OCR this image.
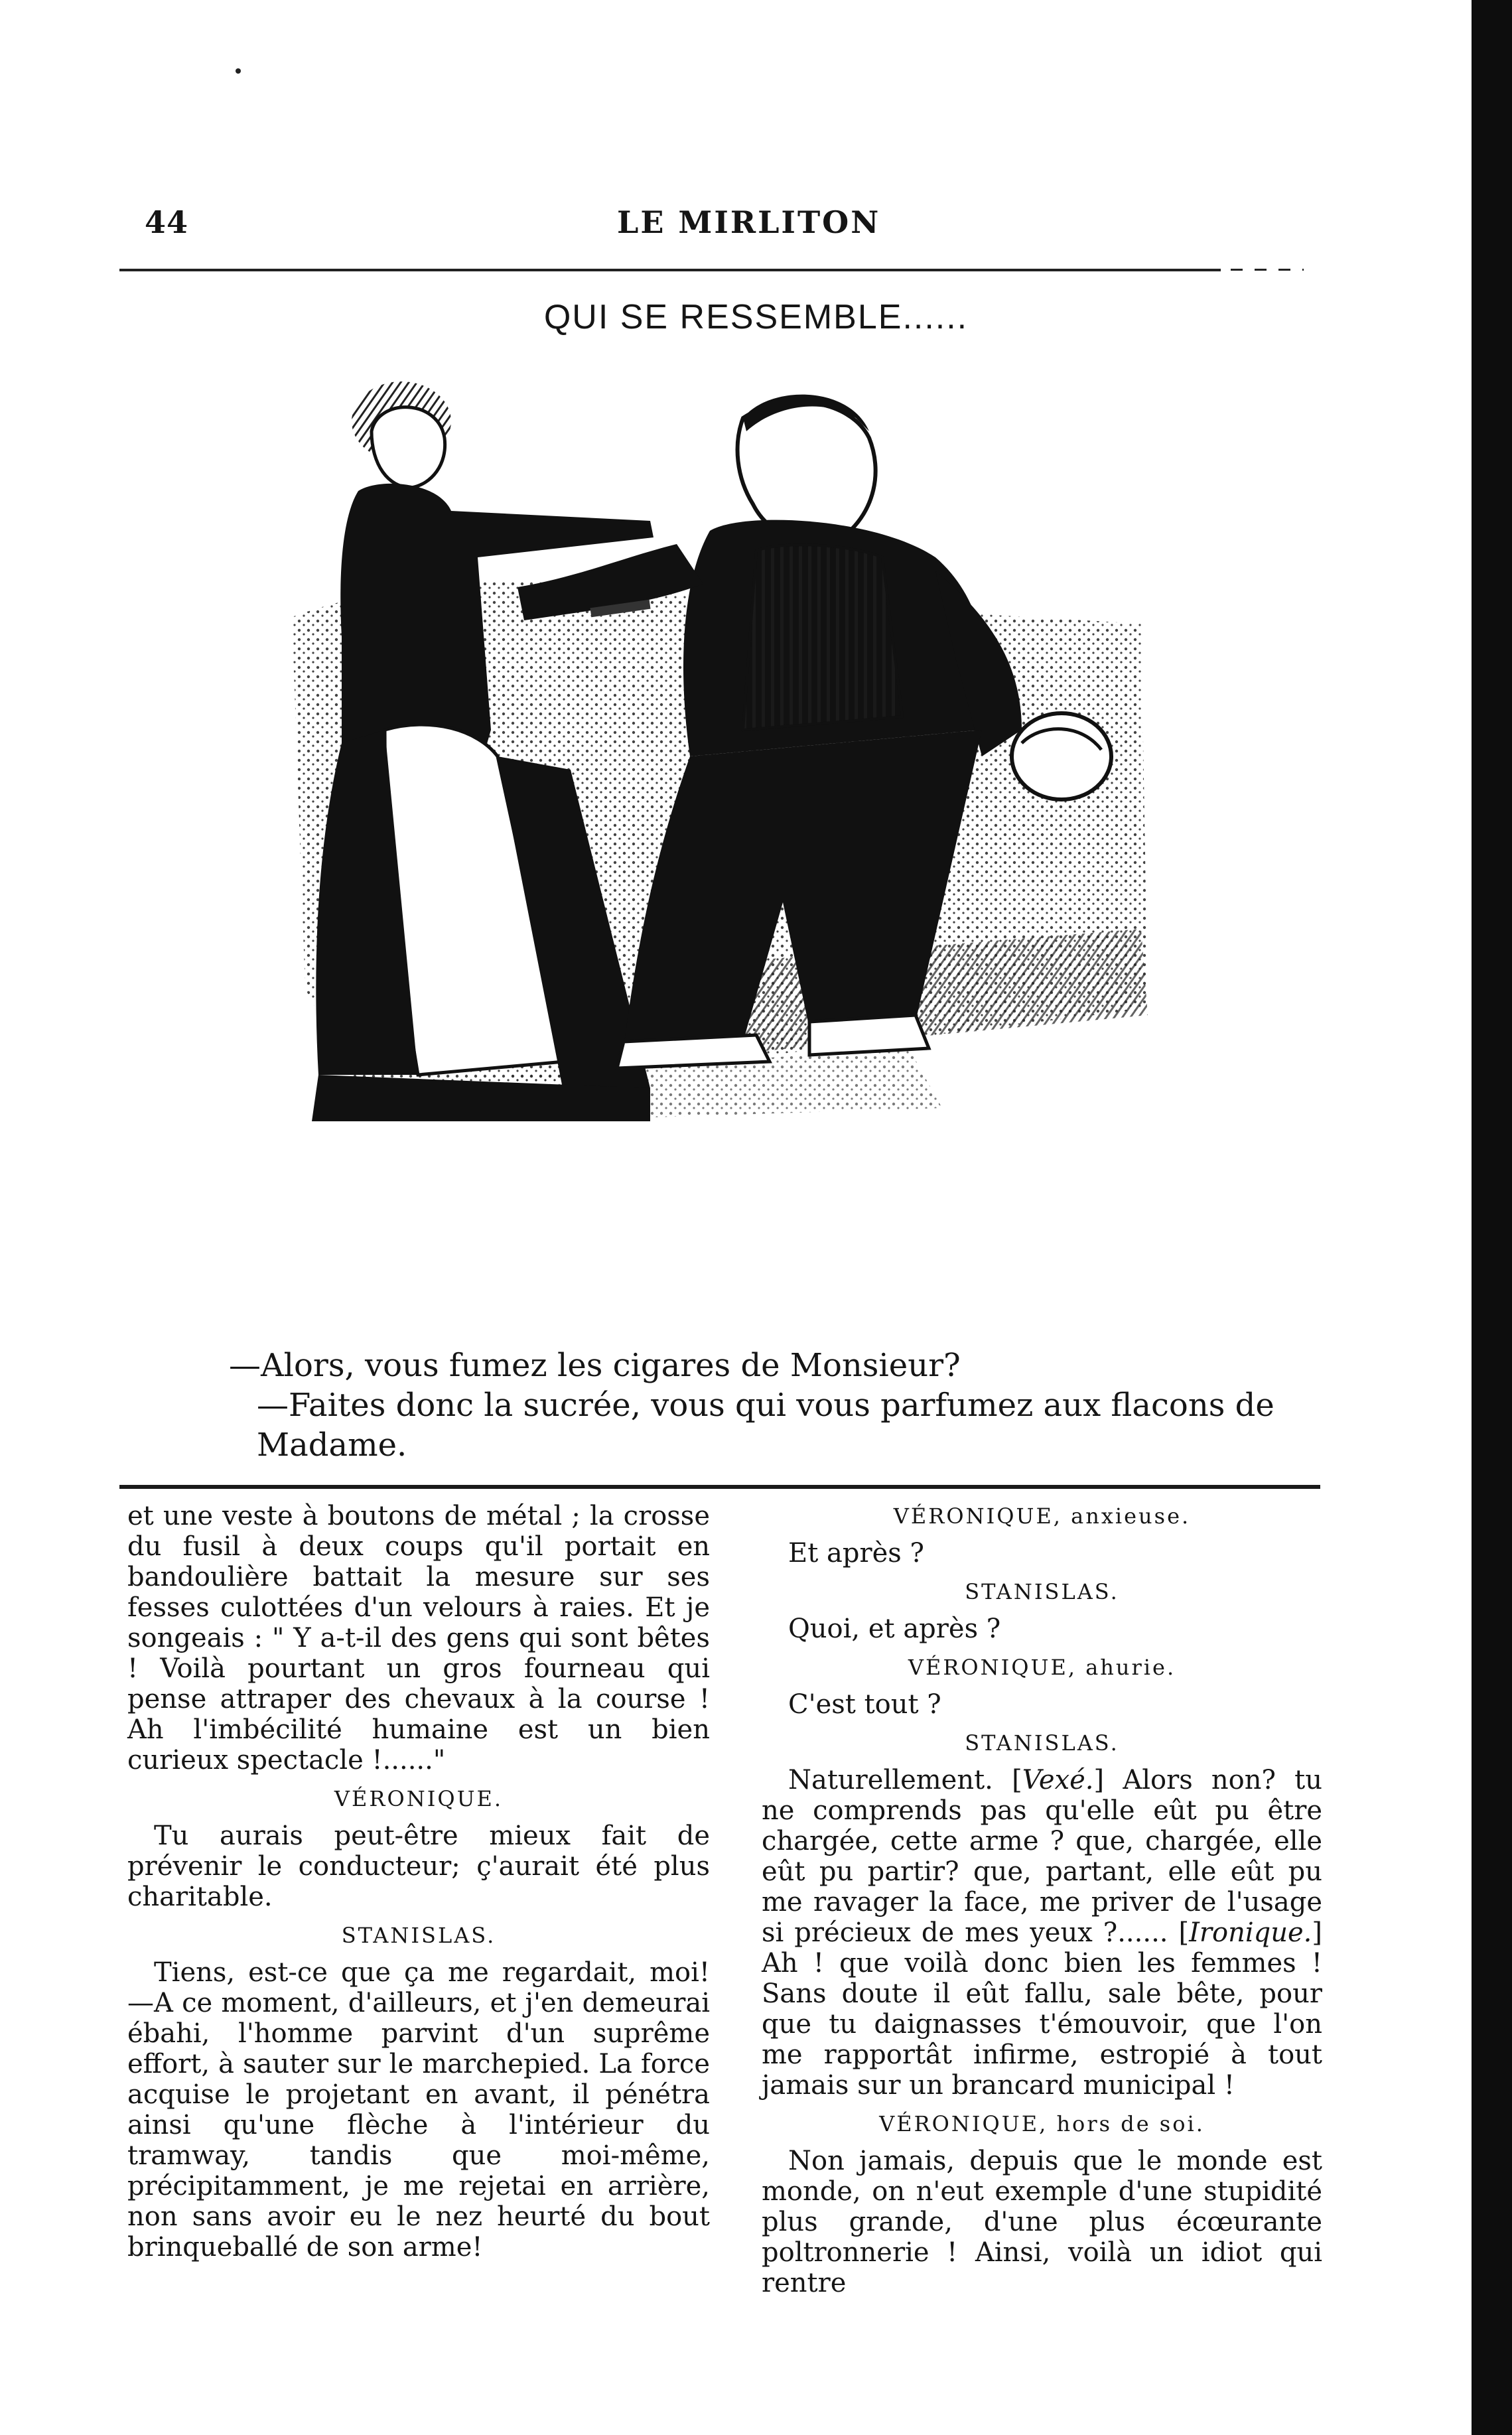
44	LE MIRLITON
QUI SE RESSEMBLE......

—Alors, vous fumez les cigares de Monsieur?

—Faites donc la sucrée, vous qui vous parfumez aux flacons de Madame.

et une veste à boutons de métal ; la crosse du fusil à deux coups qu'il portait en bandoulière battait la mesure sur ses fesses culottées d'un velours à raies. Et je songeais : " Y a-t-il des gens qui sont bêtes ! Voilà pourtant un gros fourneau qui pense attraper des chevaux à la course ! Ah l'imbécilité humaine est un bien curieux spectacle !......"

VÉRONIQUE.

Tu aurais peut-être mieux fait de prévenir le conducteur; ç'aurait été plus charitable.

STANISLAS.

Tiens, est-ce que ça me regardait, moi! —A ce moment, d'ailleurs, et j'en demeurai ébahi, l'homme parvint d'un suprême effort, à sauter sur le marchepied. La force acquise le projetant en avant, il pénétra ainsi qu'une flèche à l'intérieur du tramway, tandis que moi-même, précipitamment, je me rejetai en arrière, non sans avoir eu le nez heurté du bout brinqueballé de son arme!

VÉRONIQUE, anxieuse.

Et après ?

STANISLAS.

Quoi, et après ?

VÉRONIQUE, ahurie.

C'est tout ?

STANISLAS.

Naturellement. [Vexé.] Alors non? tu ne comprends pas qu'elle eût pu être chargée, cette arme ? que, chargée, elle eût pu partir? que, partant, elle eût pu me ravager la face, me priver de l'usage si précieux de mes yeux ?...... [Ironique.] Ah ! que voilà donc bien les femmes ! Sans doute il eût fallu, sale bête, pour que tu daignasses t'émouvoir, que l'on me rapportât infirme, estropié à tout jamais sur un brancard municipal !

VÉRONIQUE, hors de soi.

Non jamais, depuis que le monde est monde, on n'eut exemple d'une stupidité plus grande, d'une plus écœurante poltronnerie ! Ainsi, voilà un idiot qui rentre
